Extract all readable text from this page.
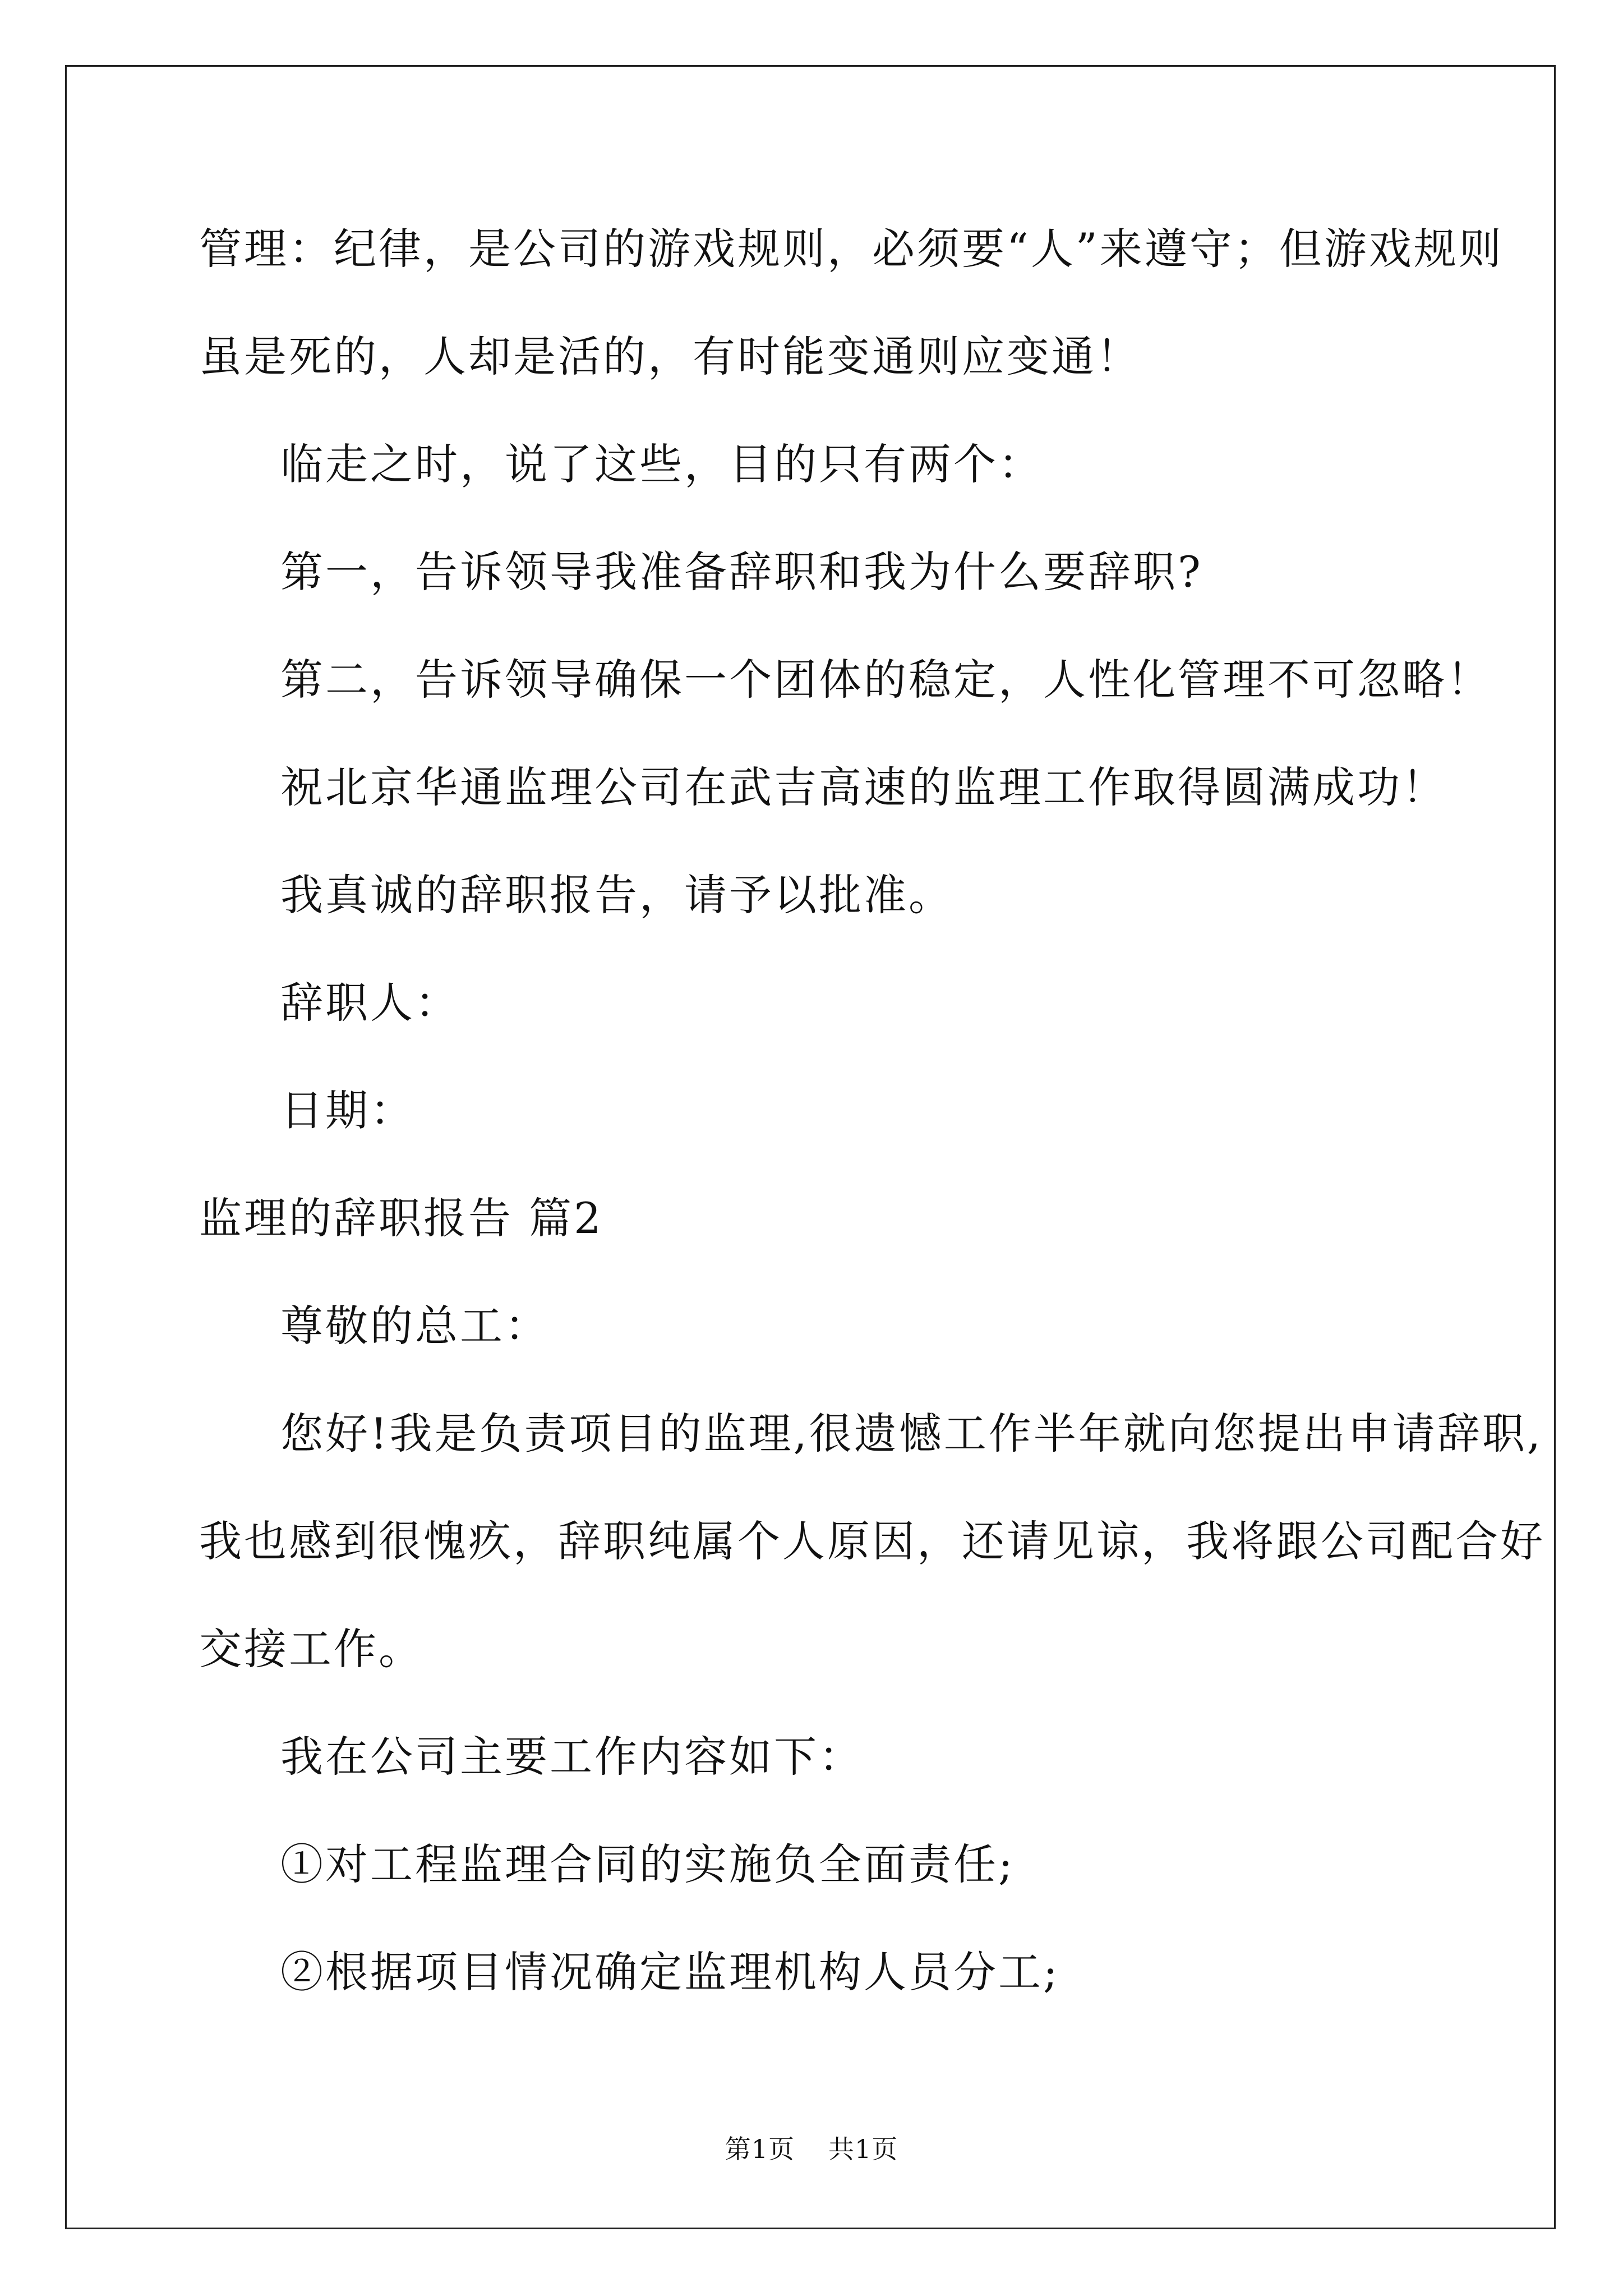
管理：纪律，是公司的游戏规则，必须要“人”来遵守；但游戏规则
虽是死的，人却是活的，有时能变通则应变通！
临走之时，说了这些，目的只有两个：
第一，告诉领导我准备辞职和我为什么要辞职?
第二，告诉领导确保一个团体的稳定，人性化管理不可忽略！
祝北京华通监理公司在武吉高速的监理工作取得圆满成功！
我真诚的辞职报告，请予以批准。
辞职人：
日期：
监理的辞职报告 篇2
尊敬的总工：
您好!我是负责项目的监理,很遗憾工作半年就向您提出申请辞职,
我也感到很愧疚，辞职纯属个人原因，还请见谅，我将跟公司配合好
交接工作。
我在公司主要工作内容如下：
①对工程监理合同的实施负全面责任;
②根据项目情况确定监理机构人员分工;
第1页 共1页
